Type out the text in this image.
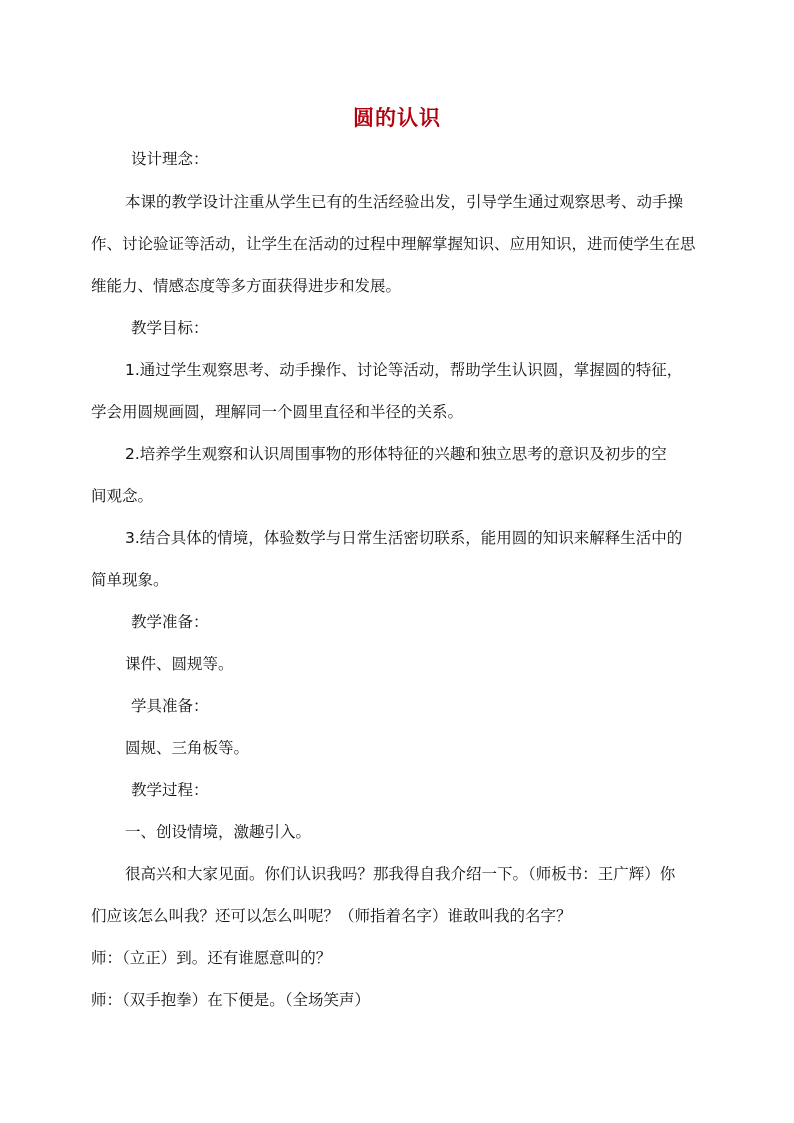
圆的认识

设计理念：

本课的教学设计注重从学生已有的生活经验出发，引导学生通过观察思考、动手操

作、讨论验证等活动，让学生在活动的过程中理解掌握知识、应用知识，进而使学生在思

维能力、情感态度等多方面获得进步和发展。

教学目标：

1.通过学生观察思考、动手操作、讨论等活动，帮助学生认识圆，掌握圆的特征，

学会用圆规画圆，理解同一个圆里直径和半径的关系。

2.培养学生观察和认识周围事物的形体特征的兴趣和独立思考的意识及初步的空

间观念。

3.结合具体的情境，体验数学与日常生活密切联系，能用圆的知识来解释生活中的

简单现象。

教学准备：

课件、圆规等。

学具准备：

圆规、三角板等。

教学过程：

一、创设情境，激趣引入。

很高兴和大家见面。你们认识我吗？那我得自我介绍一下。（师板书：王广辉）你

们应该怎么叫我？还可以怎么叫呢？（师指着名字）谁敢叫我的名字？

师：（立正）到。还有谁愿意叫的？

师：（双手抱拳）在下便是。（全场笑声）
